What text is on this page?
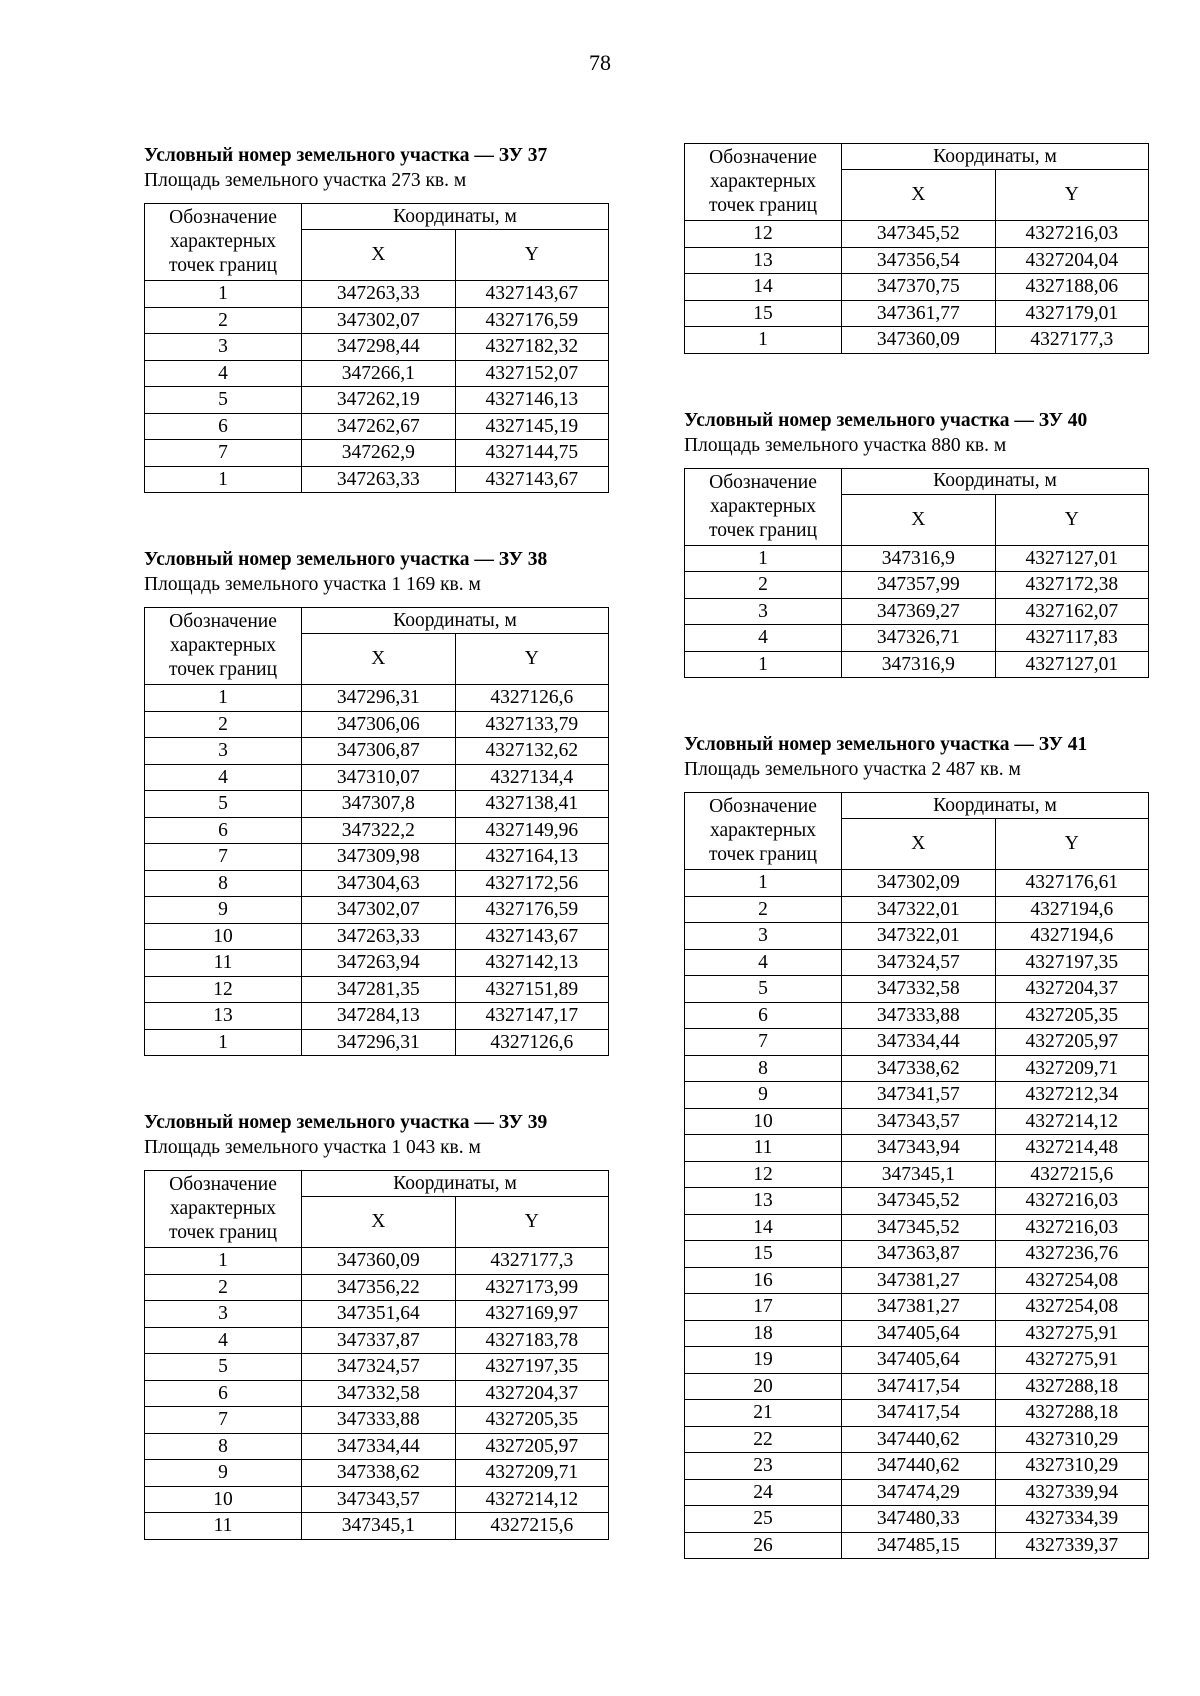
78
Условный номер земельного участка — ЗУ 37
Площадь земельного участка 273 кв. м
Обозначение
характерных
точек границ	Координаты, м	
	X	Y
1	347263,33	4327143,67
2	347302,07	4327176,59
3	347298,44	4327182,32
4	347266,1	4327152,07
5	347262,19	4327146,13
6	347262,67	4327145,19
7	347262,9	4327144,75
1	347263,33	4327143,67
Условный номер земельного участка — ЗУ 38
Площадь земельного участка 1 169 кв. м
Обозначение
характерных
точек границ	Координаты, м	
	X	Y
1	347296,31	4327126,6
2	347306,06	4327133,79
3	347306,87	4327132,62
4	347310,07	4327134,4
5	347307,8	4327138,41
6	347322,2	4327149,96
7	347309,98	4327164,13
8	347304,63	4327172,56
9	347302,07	4327176,59
10	347263,33	4327143,67
11	347263,94	4327142,13
12	347281,35	4327151,89
13	347284,13	4327147,17
1	347296,31	4327126,6
Условный номер земельного участка — ЗУ 39
Площадь земельного участка 1 043 кв. м
Обозначение
характерных
точек границ	Координаты, м	
	X	Y
1	347360,09	4327177,3
2	347356,22	4327173,99
3	347351,64	4327169,97
4	347337,87	4327183,78
5	347324,57	4327197,35
6	347332,58	4327204,37
7	347333,88	4327205,35
8	347334,44	4327205,97
9	347338,62	4327209,71
10	347343,57	4327214,12
11	347345,1	4327215,6
Обозначение
характерных
точек границ	Координаты, м	
	X	Y
12	347345,52	4327216,03
13	347356,54	4327204,04
14	347370,75	4327188,06
15	347361,77	4327179,01
1	347360,09	4327177,3
Условный номер земельного участка — ЗУ 40
Площадь земельного участка 880 кв. м
Обозначение
характерных
точек границ	Координаты, м	
	X	Y
1	347316,9	4327127,01
2	347357,99	4327172,38
3	347369,27	4327162,07
4	347326,71	4327117,83
1	347316,9	4327127,01
Условный номер земельного участка — ЗУ 41
Площадь земельного участка 2 487 кв. м
Обозначение
характерных
точек границ	Координаты, м	
	X	Y
1	347302,09	4327176,61
2	347322,01	4327194,6
3	347322,01	4327194,6
4	347324,57	4327197,35
5	347332,58	4327204,37
6	347333,88	4327205,35
7	347334,44	4327205,97
8	347338,62	4327209,71
9	347341,57	4327212,34
10	347343,57	4327214,12
11	347343,94	4327214,48
12	347345,1	4327215,6
13	347345,52	4327216,03
14	347345,52	4327216,03
15	347363,87	4327236,76
16	347381,27	4327254,08
17	347381,27	4327254,08
18	347405,64	4327275,91
19	347405,64	4327275,91
20	347417,54	4327288,18
21	347417,54	4327288,18
22	347440,62	4327310,29
23	347440,62	4327310,29
24	347474,29	4327339,94
25	347480,33	4327334,39
26	347485,15	4327339,37
